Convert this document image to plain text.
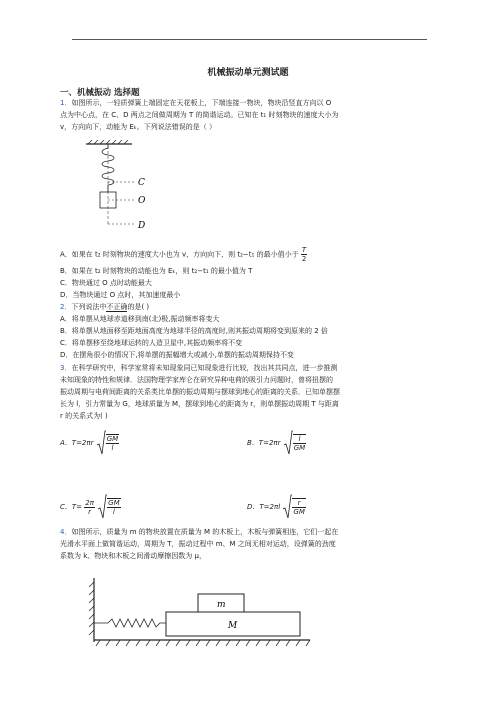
机械振动单元测试题
一、机械振动 选择题
1．如图所示，一轻质弹簧上端固定在天花板上，下端连接一物块，物块沿竖直方向以 O
点为中心点，在 C、D 两点之间做周期为 T 的简谐运动。已知在 t₁ 时刻物块的速度大小为
v，方向向下，动能为 Eₖ。下列说法错误的是（ ）
C
O
D
A．如果在 t₂ 时刻物块的速度大小也为 v，方向向下，则 t₂−t₁ 的最小值小于 $\frac{T}{2}$
B．如果在 t₂ 时刻物块的动能也为 Eₖ，则 t₂−t₁ 的最小值为 T
C．物块通过 O 点时动能最大
D．当物块通过 O 点时，其加速度最小
2．下列说法中不正确的是( )
A．将单摆从地球赤道移到南(北)极,振动频率将变大
B．将单摆从地面移至距地面高度为地球半径的高度时,则其振动周期将变到原来的 2 倍
C．将单摆移至绕地球运转的人造卫星中,其振动频率将不变
D．在摆角很小的情况下,将单摆的振幅增大或减小,单摆的振动周期保持不变
3．在科学研究中，科学家常将未知现象同已知现象进行比较，找出其共同点，进一步推测
未知现象的特性和规律．法国物理学家库仑在研究异种电荷的吸引力问题时，曾将扭摆的
振动周期与电荷间距离的关系类比单摆的振动周期与摆球到地心的距离的关系．已知单摆摆
长为 l，引力常量为 G，地球质量为 M，摆球到地心的距离为 r，则单摆振动周期 T 与距离
r 的关系式为( )
A．$T=2\pi r \frac{GM}{l}$	B．$T=2\pi r \frac{l}{GM}$
C．$T= \frac{2\pi}{r}$
$\frac{GM}{l}$	D．$T=2\pi l \frac{r}{GM}$
4．如图所示，质量为 m 的物块放置在质量为 M 的木板上，木板与弹簧相连，它们一起在
光滑水平面上做简谐运动，周期为 T，振动过程中 m、M 之间无相对运动，设弹簧的劲度
系数为 k、物块和木板之间滑动摩擦因数为 μ，
m
M
